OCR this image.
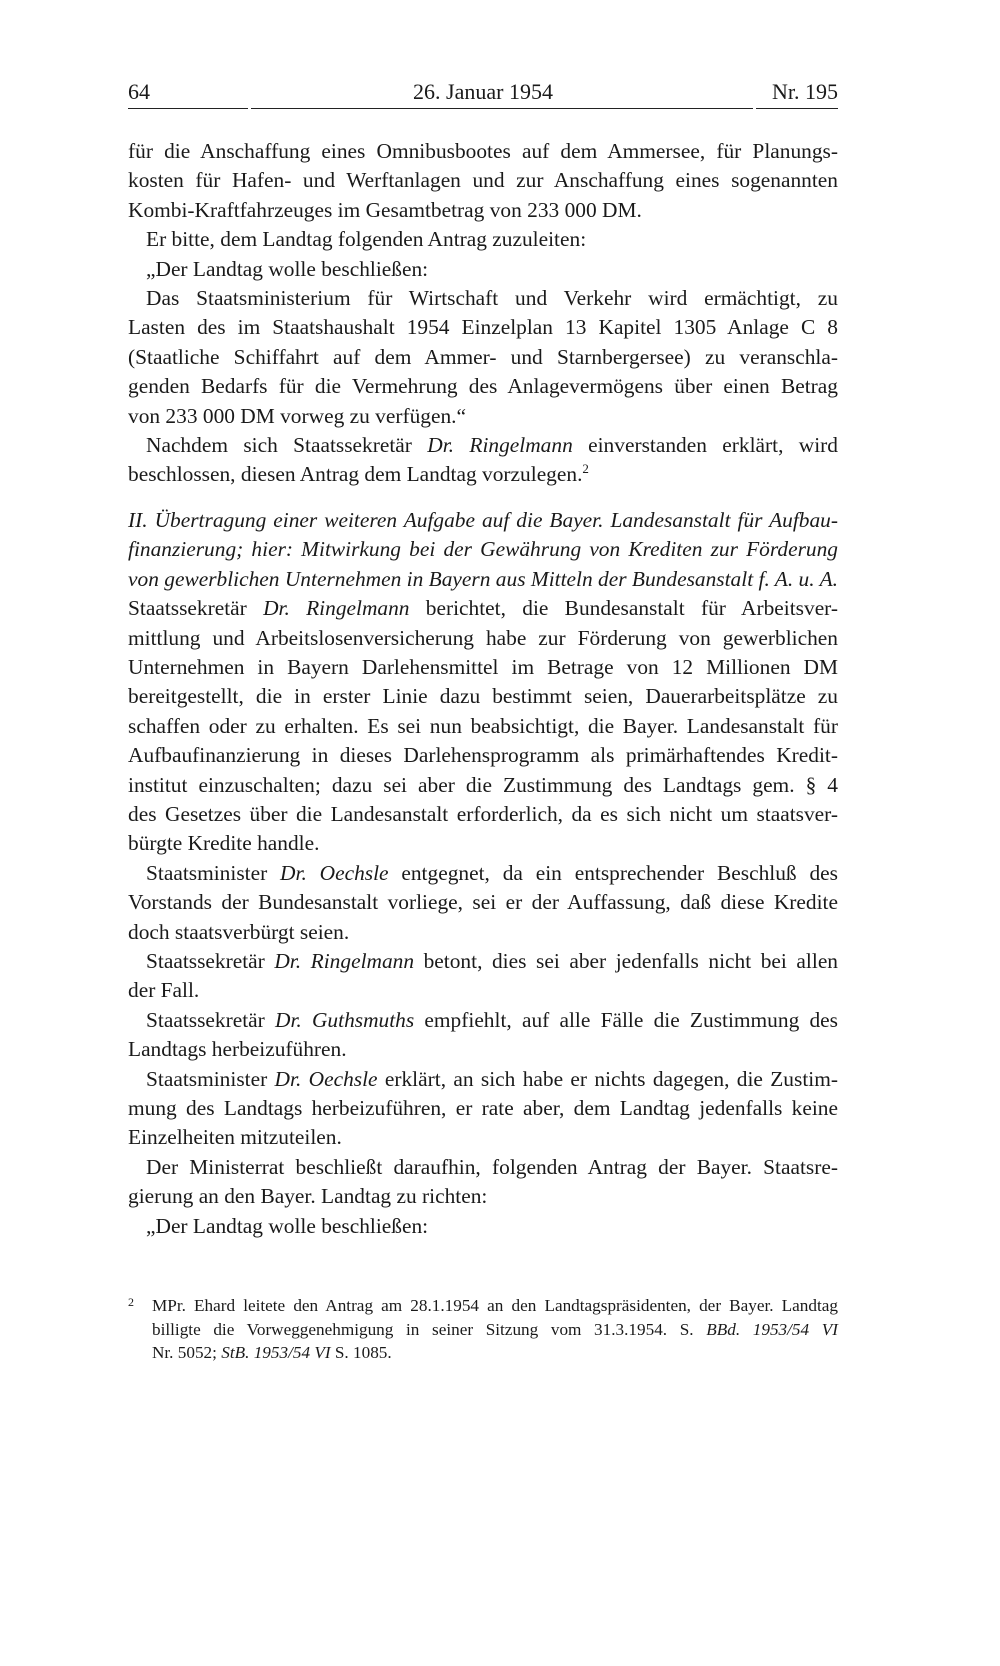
64	26. Januar 1954	Nr. 195

für die Anschaffung eines Omnibusbootes auf dem Ammersee, für Planungs-
kosten für Hafen- und Werftanlagen und zur Anschaffung eines sogenannten
Kombi-Kraftfahrzeuges im Gesamtbetrag von 233 000 DM.

Er bitte, dem Landtag folgenden Antrag zuzuleiten:

„Der Landtag wolle beschließen:

Das Staatsministerium für Wirtschaft und Verkehr wird ermächtigt, zu
Lasten des im Staatshaushalt 1954 Einzelplan 13 Kapitel 1305 Anlage C 8
(Staatliche Schiffahrt auf dem Ammer- und Starnbergersee) zu veranschla-
genden Bedarfs für die Vermehrung des Anlagevermögens über einen Betrag
von 233 000 DM vorweg zu verfügen.“

Nachdem sich Staatssekretär Dr. Ringelmann einverstanden erklärt, wird
beschlossen, diesen Antrag dem Landtag vorzulegen.$^2$

II. Übertragung einer weiteren Aufgabe auf die Bayer. Landesanstalt für Aufbau-
finanzierung; hier: Mitwirkung bei der Gewährung von Krediten zur Förderung
von gewerblichen Unternehmen in Bayern aus Mitteln der Bundesanstalt f. A. u. A.

Staatssekretär Dr. Ringelmann berichtet, die Bundesanstalt für Arbeitsver-
mittlung und Arbeitslosenversicherung habe zur Förderung von gewerblichen
Unternehmen in Bayern Darlehensmittel im Betrage von 12 Millionen DM
bereitgestellt, die in erster Linie dazu bestimmt seien, Dauerarbeitsplätze zu
schaffen oder zu erhalten. Es sei nun beabsichtigt, die Bayer. Landesanstalt für
Aufbaufinanzierung in dieses Darlehensprogramm als primärhaftendes Kredit-
institut einzuschalten; dazu sei aber die Zustimmung des Landtags gem. § 4
des Gesetzes über die Landesanstalt erforderlich, da es sich nicht um staatsver-
bürgte Kredite handle.

Staatsminister Dr. Oechsle entgegnet, da ein entsprechender Beschluß des
Vorstands der Bundesanstalt vorliege, sei er der Auffassung, daß diese Kredite
doch staatsverbürgt seien.

Staatssekretär Dr. Ringelmann betont, dies sei aber jedenfalls nicht bei allen
der Fall.

Staatssekretär Dr. Guthsmuths empfiehlt, auf alle Fälle die Zustimmung des
Landtags herbeizuführen.

Staatsminister Dr. Oechsle erklärt, an sich habe er nichts dagegen, die Zustim-
mung des Landtags herbeizuführen, er rate aber, dem Landtag jedenfalls keine
Einzelheiten mitzuteilen.

Der Ministerrat beschließt daraufhin, folgenden Antrag der Bayer. Staatsre-
gierung an den Bayer. Landtag zu richten:

„Der Landtag wolle beschließen:

2 MPr. Ehard leitete den Antrag am 28.1.1954 an den Landtagspräsidenten, der Bayer. Landtag
billigte die Vorweggenehmigung in seiner Sitzung vom 31.3.1954. S. BBd. 1953/54 VI
Nr. 5052; StB. 1953/54 VI S. 1085.
